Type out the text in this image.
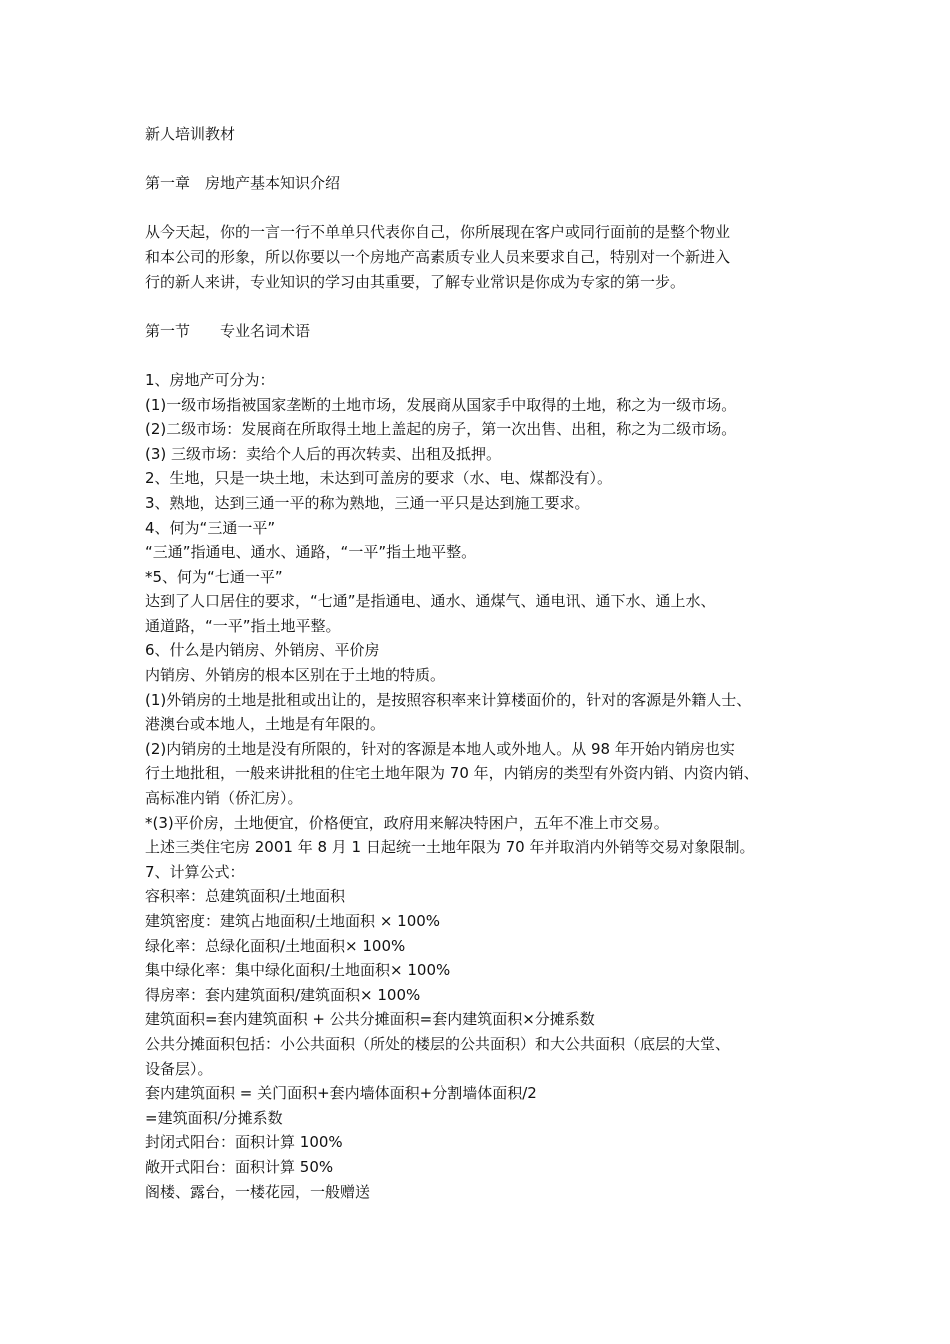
新人培训教材
第一章　房地产基本知识介绍
从今天起，你的一言一行不单单只代表你自己，你所展现在客户或同行面前的是整个物业
和本公司的形象，所以你要以一个房地产高素质专业人员来要求自己，特别对一个新进入
行的新人来讲，专业知识的学习由其重要，了解专业常识是你成为专家的第一步。
第一节　　专业名词术语
1、房地产可分为：
(1)一级市场指被国家垄断的土地市场，发展商从国家手中取得的土地，称之为一级市场。
(2)二级市场：发展商在所取得土地上盖起的房子，第一次出售、出租，称之为二级市场。
(3) 三级市场：卖给个人后的再次转卖、出租及抵押。
2、生地，只是一块土地，未达到可盖房的要求（水、电、煤都没有）。
3、熟地，达到三通一平的称为熟地，三通一平只是达到施工要求。
4、何为“三通一平”
“三通”指通电、通水、通路，“一平”指土地平整。
*5、何为“七通一平”
达到了人口居住的要求，“七通”是指通电、通水、通煤气、通电讯、通下水、通上水、
通道路，“一平”指土地平整。
6、什么是内销房、外销房、平价房
内销房、外销房的根本区别在于土地的特质。
(1)外销房的土地是批租或出让的，是按照容积率来计算楼面价的，针对的客源是外籍人士、
港澳台或本地人，土地是有年限的。
(2)内销房的土地是没有所限的，针对的客源是本地人或外地人。从 98 年开始内销房也实
行土地批租，一般来讲批租的住宅土地年限为 70 年，内销房的类型有外资内销、内资内销、
高标准内销（侨汇房）。
*(3)平价房，土地便宜，价格便宜，政府用来解决特困户，五年不准上市交易。
上述三类住宅房 2001 年 8 月 1 日起统一土地年限为 70 年并取消内外销等交易对象限制。
7、计算公式：
容积率：总建筑面积/土地面积
建筑密度：建筑占地面积/土地面积 × 100%
绿化率：总绿化面积/土地面积× 100%
集中绿化率：集中绿化面积/土地面积× 100%
得房率：套内建筑面积/建筑面积× 100%
建筑面积=套内建筑面积 + 公共分摊面积=套内建筑面积×分摊系数
公共分摊面积包括：小公共面积（所处的楼层的公共面积）和大公共面积（底层的大堂、
设备层）。
套内建筑面积 = 关门面积+套内墙体面积+分割墙体面积/2
=建筑面积/分摊系数
封闭式阳台：面积计算 100%
敞开式阳台：面积计算 50%
阁楼、露台，一楼花园，一般赠送
